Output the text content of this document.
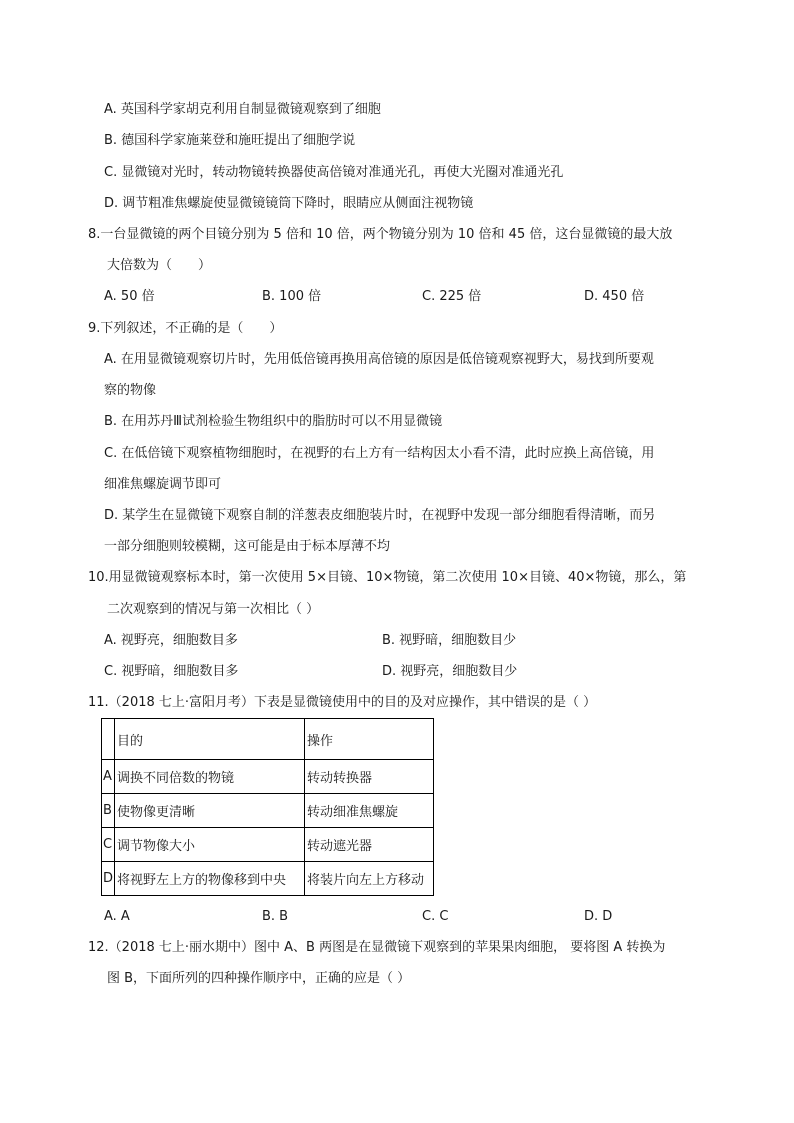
A. 英国科学家胡克利用自制显微镜观察到了细胞
B. 德国科学家施莱登和施旺提出了细胞学说
C. 显微镜对光时，转动物镜转换器使高倍镜对准通光孔，再使大光圈对准通光孔
D. 调节粗准焦螺旋使显微镜镜筒下降时，眼睛应从侧面注视物镜
8.一台显微镜的两个目镜分别为 5 倍和 10 倍，两个物镜分别为 10 倍和 45 倍，这台显微镜的最大放
大倍数为（　　）
A. 50 倍	B. 100 倍	C. 225 倍	D. 450 倍
9.下列叙述，不正确的是（　　）
A. 在用显微镜观察切片时，先用低倍镜再换用高倍镜的原因是低倍镜观察视野大，易找到所要观
察的物像
B. 在用苏丹Ⅲ试剂检验生物组织中的脂肪时可以不用显微镜
C. 在低倍镜下观察植物细胞时，在视野的右上方有一结构因太小看不清，此时应换上高倍镜，用
细准焦螺旋调节即可
D. 某学生在显微镜下观察自制的洋葱表皮细胞装片时，在视野中发现一部分细胞看得清晰，而另
一部分细胞则较模糊，这可能是由于标本厚薄不均
10.用显微镜观察标本时，第一次使用 5×目镜、10×物镜，第二次使用 10×目镜、40×物镜，那么，第
二次观察到的情况与第一次相比（ ）
A. 视野亮，细胞数目多	B. 视野暗，细胞数目少
C. 视野暗，细胞数目多	D. 视野亮，细胞数目少
11.（2018 七上·富阳月考）下表是显微镜使用中的目的及对应操作，其中错误的是（ ）
	目的	操作
A	调换不同倍数的物镜	转动转换器
B	使物像更清晰	转动细准焦螺旋
C	调节物像大小	转动遮光器
D	将视野左上方的物像移到中央	将装片向左上方移动
A. A	B. B	C. C	D. D
12.（2018 七上·丽水期中）图中 A、B 两图是在显微镜下观察到的苹果果肉细胞， 要将图 A 转换为
图 B，下面所列的四种操作顺序中，正确的应是（ ）
